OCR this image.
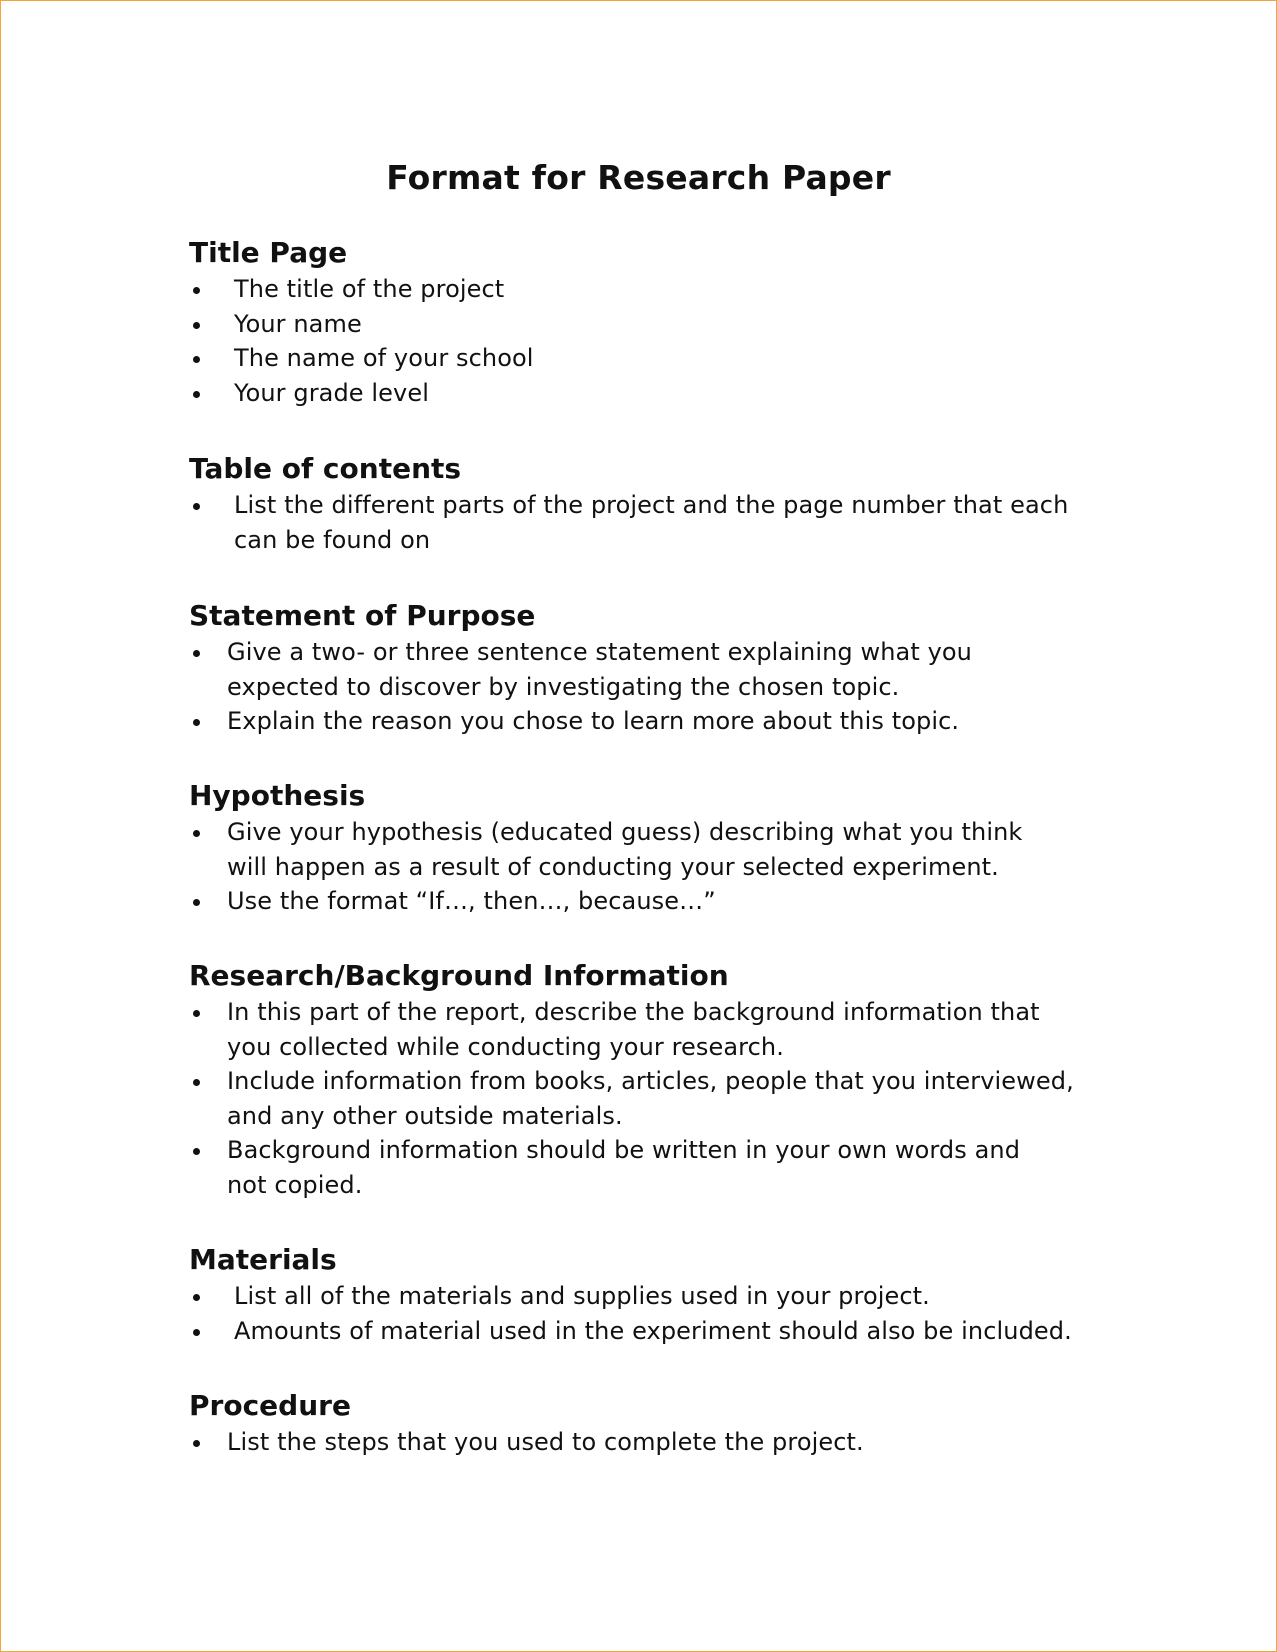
Format for Research Paper
Title Page
The title of the project
Your name
The name of your school
Your grade level
Table of contents
List the different parts of the project and the page number that each can be found on
Statement of Purpose
Give a two- or three sentence statement explaining what you expected to discover by investigating the chosen topic.
Explain the reason you chose to learn more about this topic.
Hypothesis
Give your hypothesis (educated guess) describing what you think will happen as a result of conducting your selected experiment.
Use the format “If…, then…, because…”
Research/Background Information
In this part of the report, describe the background information that you collected while conducting your research.
Include information from books, articles, people that you interviewed, and any other outside materials.
Background information should be written in your own words and not copied.
Materials
List all of the materials and supplies used in your project.
Amounts of material used in the experiment should also be included.
Procedure
List the steps that you used to complete the project.
